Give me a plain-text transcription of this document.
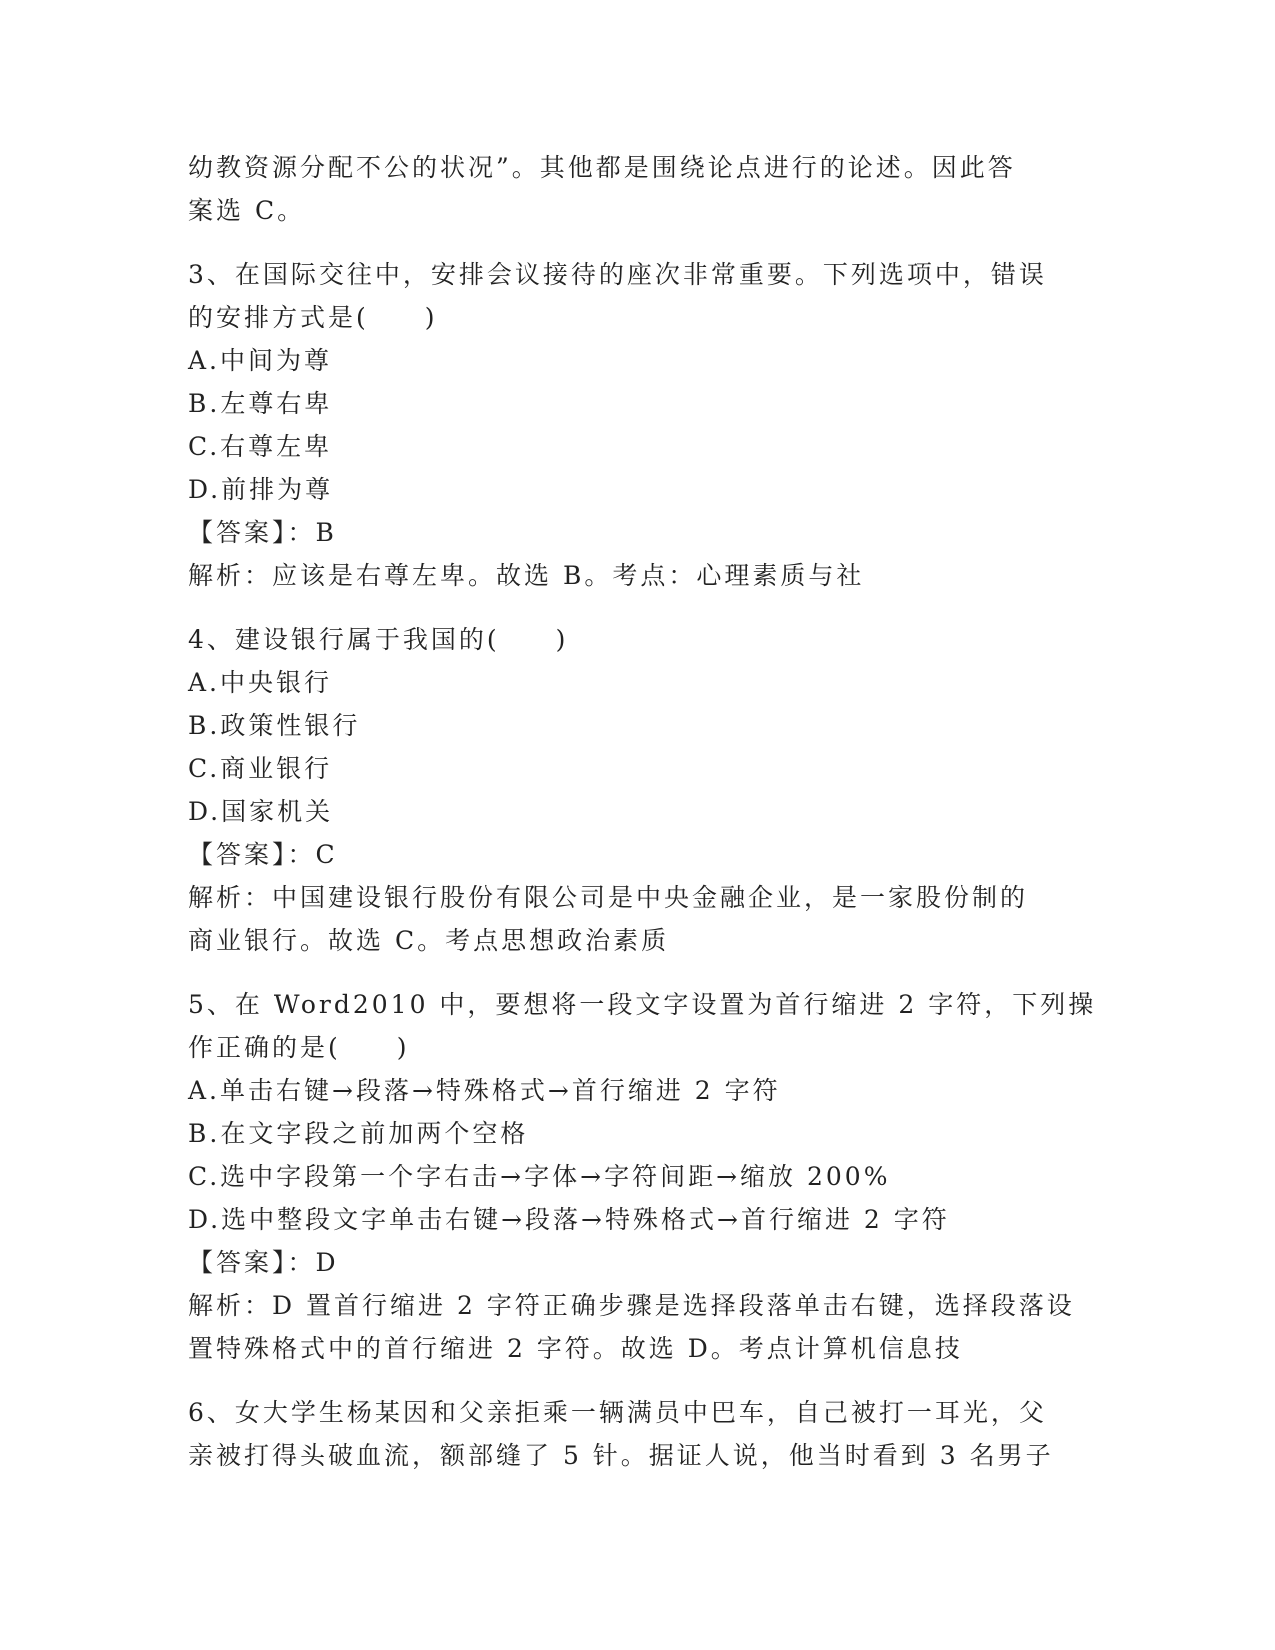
幼教资源分配不公的状况”。其他都是围绕论点进行的论述。因此答
案选 C。
3、在国际交往中，安排会议接待的座次非常重要。下列选项中，错误
的安排方式是(　　)
A.中间为尊
B.左尊右卑
C.右尊左卑
D.前排为尊
【答案】：B
解析：应该是右尊左卑。故选 B。考点：心理素质与社
4、建设银行属于我国的(　　)
A.中央银行
B.政策性银行
C.商业银行
D.国家机关
【答案】：C
解析：中国建设银行股份有限公司是中央金融企业，是一家股份制的
商业银行。故选 C。考点思想政治素质
5、在 Word2010 中，要想将一段文字设置为首行缩进 2 字符，下列操
作正确的是(　　)
A.单击右键→段落→特殊格式→首行缩进 2 字符
B.在文字段之前加两个空格
C.选中字段第一个字右击→字体→字符间距→缩放 200%
D.选中整段文字单击右键→段落→特殊格式→首行缩进 2 字符
【答案】：D
解析：D 置首行缩进 2 字符正确步骤是选择段落单击右键，选择段落设
置特殊格式中的首行缩进 2 字符。故选 D。考点计算机信息技
6、女大学生杨某因和父亲拒乘一辆满员中巴车，自己被打一耳光，父
亲被打得头破血流，额部缝了 5 针。据证人说，他当时看到 3 名男子
